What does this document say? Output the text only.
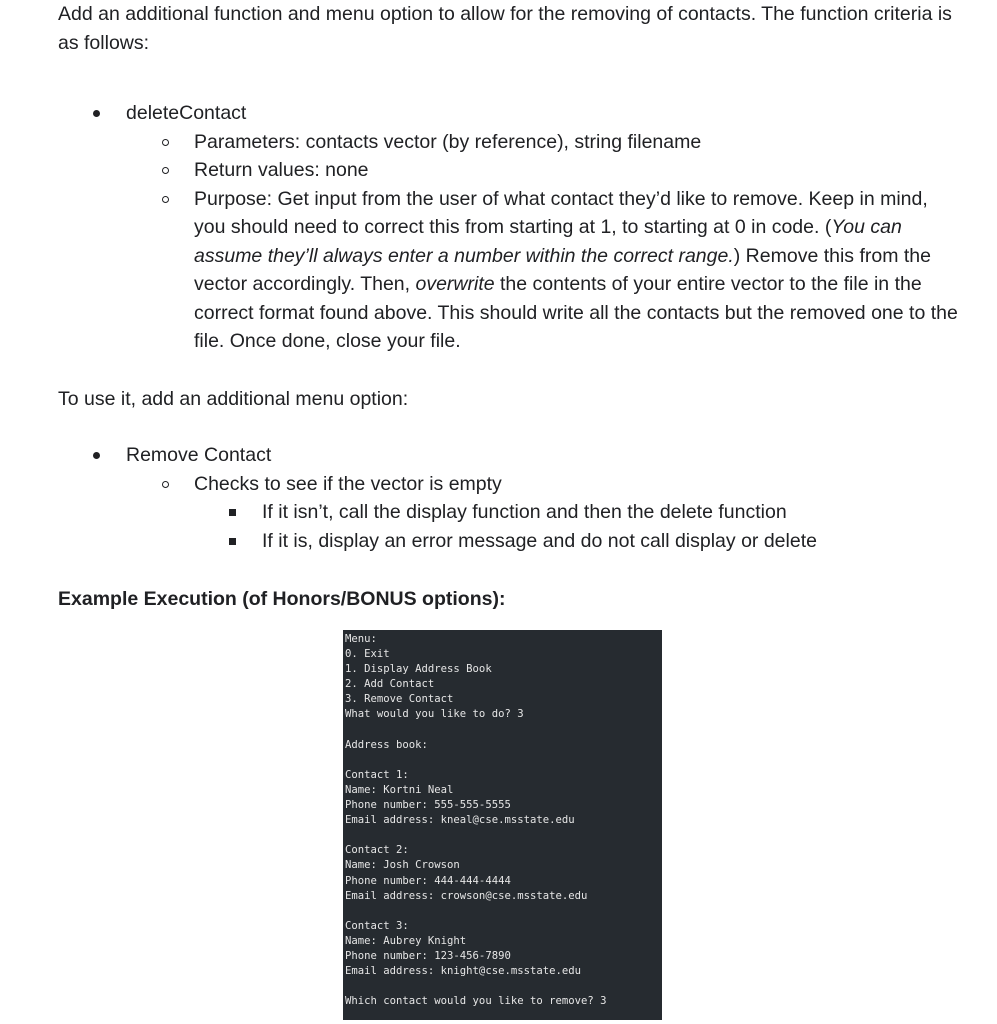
Add an additional function and menu option to allow for the removing of contacts. The function criteria is as follows:

deleteContact
Parameters: contacts vector (by reference), string filename
Return values: none
Purpose: Get input from the user of what contact they’d like to remove. Keep in mind, you should need to correct this from starting at 1, to starting at 0 in code. (You can assume they’ll always enter a number within the correct range.) Remove this from the vector accordingly. Then, overwrite the contents of your entire vector to the file in the correct format found above. This should write all the contacts but the removed one to the file. Once done, close your file.

To use it, add an additional menu option:

Remove Contact
Checks to see if the vector is empty
If it isn’t, call the display function and then the delete function
If it is, display an error message and do not call display or delete

Example Execution (of Honors/BONUS options):

Menu:
0. Exit
1. Display Address Book
2. Add Contact
3. Remove Contact
What would you like to do? 3
Address book:
Contact 1:
Name: Kortni Neal
Phone number: 555-555-5555
Email address: kneal@cse.msstate.edu
Contact 2:
Name: Josh Crowson
Phone number: 444-444-4444
Email address: crowson@cse.msstate.edu
Contact 3:
Name: Aubrey Knight
Phone number: 123-456-7890
Email address: knight@cse.msstate.edu
Which contact would you like to remove? 3
